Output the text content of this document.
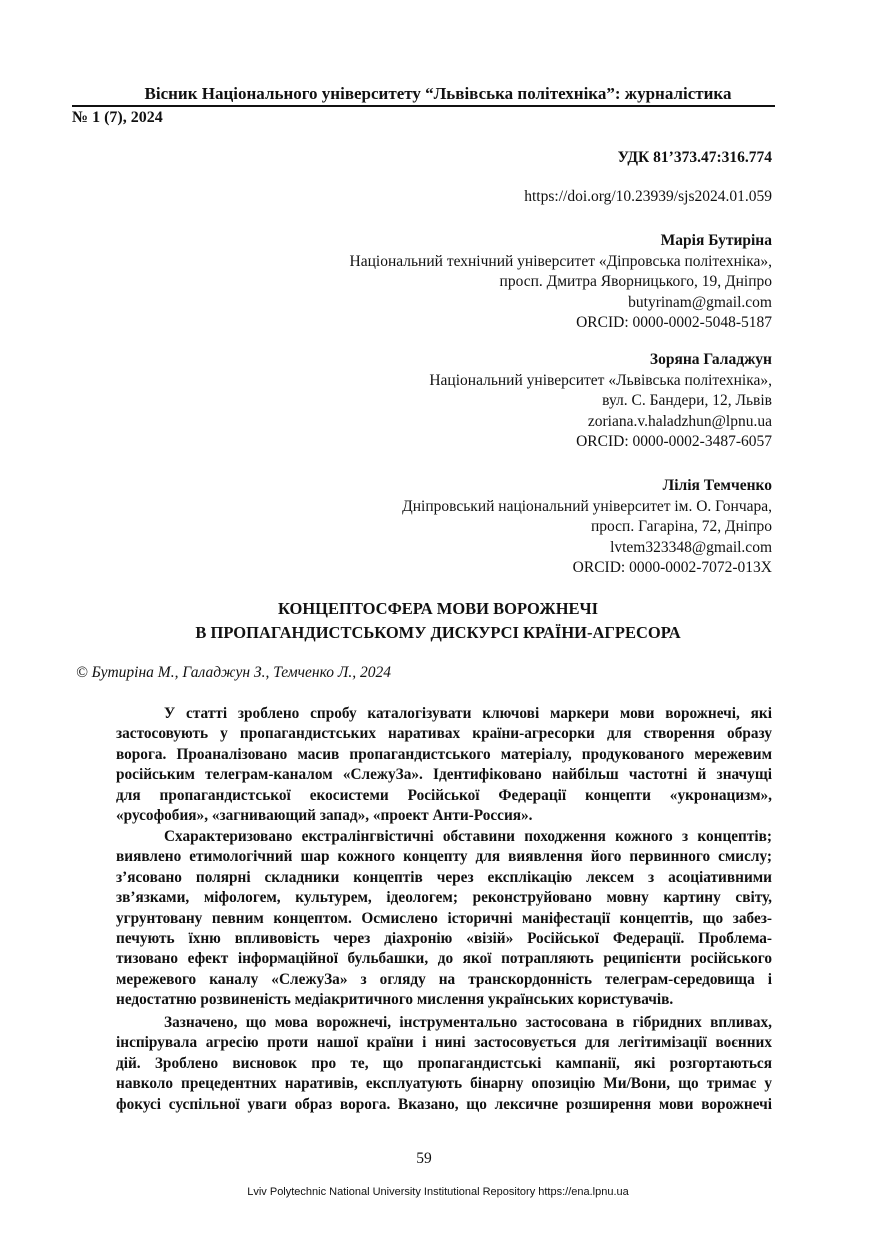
Вісник Національного університету “Львівська політехніка”: журналістика
№ 1 (7), 2024
УДК 81’373.47:316.774
https://doi.org/10.23939/sjs2024.01.059
Марія Бутиріна
Національний технічний університет «Діпровська політехніка»,
просп. Дмитра Яворницького, 19, Дніпро
butyrinam@gmail.com
ORCID: 0000-0002-5048-5187
Зоряна Галаджун
Національний університет «Львівська політехніка»,
вул. С. Бандери, 12, Львів
zoriana.v.haladzhun@lpnu.ua
ORCID: 0000-0002-3487-6057
Лілія Темченко
Дніпровський національний університет ім. О. Гончара,
просп. Гагаріна, 72, Дніпро
lvtem323348@gmail.com
ORCID: 0000-0002-7072-013X
КОНЦЕПТОСФЕРА МОВИ ВОРОЖНЕЧІ
В ПРОПАГАНДИСТСЬКОМУ ДИСКУРСІ КРАЇНИ-АГРЕСОРА
© Бутиріна М., Галаджун З., Темченко Л., 2024
У статті зроблено спробу каталогізувати ключові маркери мови ворожнечі, які
застосовують у пропагандистських наративах країни-агресорки для створення образу
ворога. Проаналізовано масив пропагандистського матеріалу, продукованого мережевим
російським телеграм-каналом «СлежуЗа». Ідентифіковано найбільш частотні й значущі
для пропагандистської екосистеми Російської Федерації концепти «укронацизм»,
«русофобия», «загнивающий запад», «проект Анти-Россия».
Схарактеризовано екстралінгвістичні обставини походження кожного з концептів;
виявлено етимологічний шар кожного концепту для виявлення його первинного смислу;
з’ясовано полярні складники концептів через експлікацію лексем з асоціативними
зв’язками, міфологем, культурем, ідеологем; реконструйовано мовну картину світу,
угрунтовану певним концептом. Осмислено історичні маніфестації концептів, що забез-
печують їхню впливовість через діахронію «візій» Російської Федерації. Проблема-
тизовано ефект інформаційної бульбашки, до якої потрапляють реципієнти російського
мережевого каналу «СлежуЗа» з огляду на транскордонність телеграм-середовища і
недостатню розвиненість медіакритичного мислення українських користувачів.
Зазначено, що мова ворожнечі, інструментально застосована в гібридних впливах,
інспірувала агресію проти нашої країни і нині застосовується для легітимізації воєнних
дій. Зроблено висновок про те, що пропагандистські кампанії, які розгортаються
навколо прецедентних наративів, експлуатують бінарну опозицію Ми/Вони, що тримає у
фокусі суспільної уваги образ ворога. Вказано, що лексичне розширення мови ворожнечі
59
Lviv Polytechnic National University Institutional Repository https://ena.lpnu.ua
